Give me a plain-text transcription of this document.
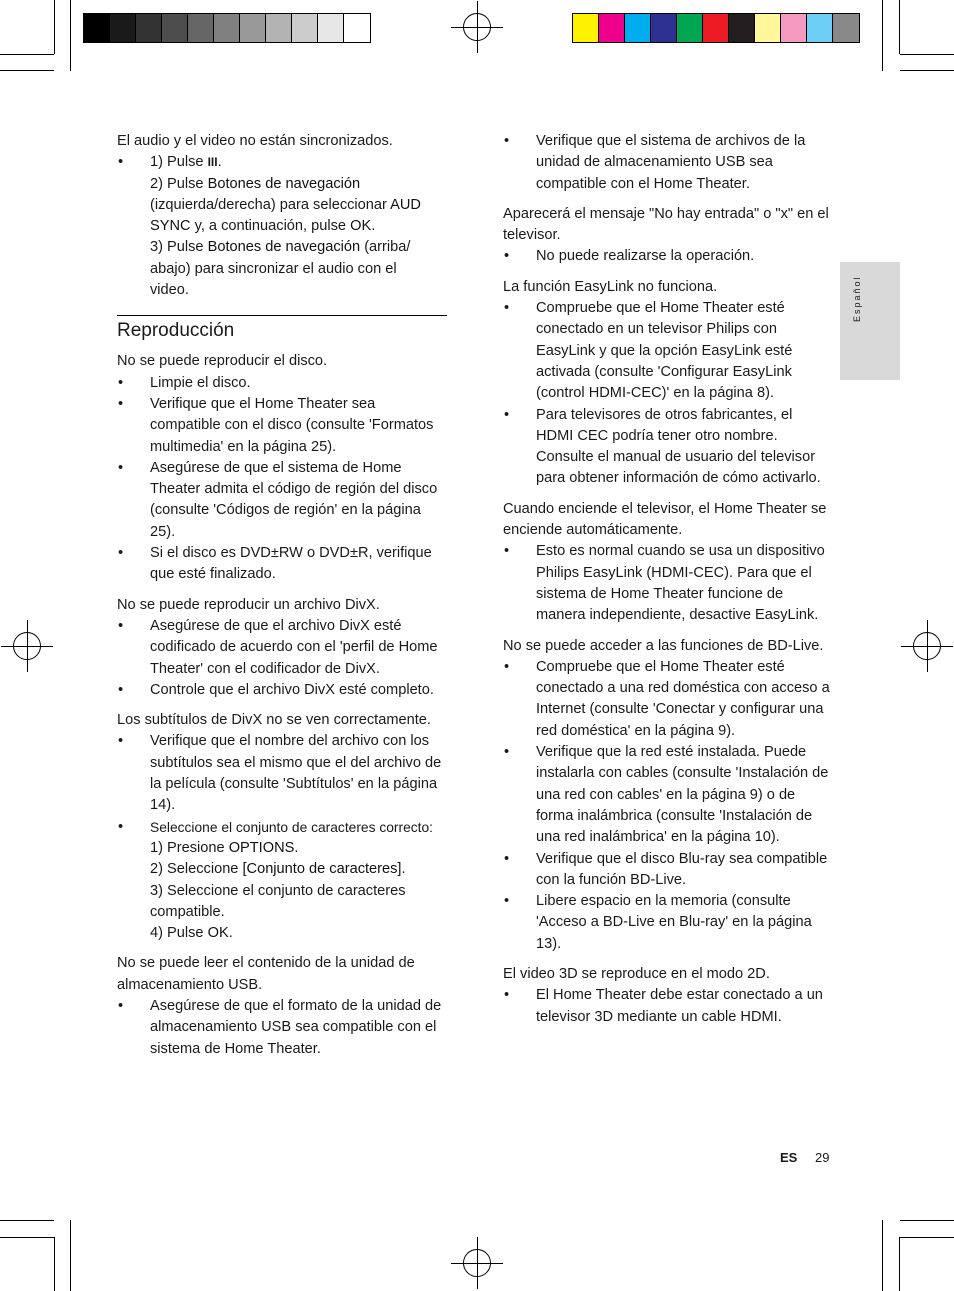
Español
El audio y el video no están sincronizados.
• 1) Pulse III.
2) Pulse Botones de navegación
(izquierda/derecha) para seleccionar AUD
SYNC y, a continuación, pulse OK.
3) Pulse Botones de navegación (arriba/
abajo) para sincronizar el audio con el
video.
Reproducción
No se puede reproducir el disco.
• Limpie el disco.
• Verifique que el Home Theater sea compatible con el disco (consulte 'Formatos multimedia' en la página 25).
• Asegúrese de que el sistema de Home Theater admita el código de región del disco (consulte 'Códigos de región' en la página 25).
• Si el disco es DVD±RW o DVD±R, verifique que esté finalizado.
No se puede reproducir un archivo DivX.
• Asegúrese de que el archivo DivX esté codificado de acuerdo con el 'perfil de Home Theater' con el codificador de DivX.
• Controle que el archivo DivX esté completo.
Los subtítulos de DivX no se ven correctamente.
• Verifique que el nombre del archivo con los subtítulos sea el mismo que el del archivo de la película (consulte 'Subtítulos' en la página 14).
• Seleccione el conjunto de caracteres correcto:
1) Presione OPTIONS.
2) Seleccione [Conjunto de caracteres].
3) Seleccione el conjunto de caracteres compatible.
4) Pulse OK.
No se puede leer el contenido de la unidad de almacenamiento USB.
• Asegúrese de que el formato de la unidad de almacenamiento USB sea compatible con el sistema de Home Theater.
• Verifique que el sistema de archivos de la unidad de almacenamiento USB sea compatible con el Home Theater.
Aparecerá el mensaje "No hay entrada" o "x" en el televisor.
• No puede realizarse la operación.
La función EasyLink no funciona.
• Compruebe que el Home Theater esté conectado en un televisor Philips con EasyLink y que la opción EasyLink esté activada (consulte 'Configurar EasyLink (control HDMI-CEC)' en la página 8).
• Para televisores de otros fabricantes, el HDMI CEC podría tener otro nombre. Consulte el manual de usuario del televisor para obtener información de cómo activarlo.
Cuando enciende el televisor, el Home Theater se enciende automáticamente.
• Esto es normal cuando se usa un dispositivo Philips EasyLink (HDMI-CEC). Para que el sistema de Home Theater funcione de manera independiente, desactive EasyLink.
No se puede acceder a las funciones de BD-Live.
• Compruebe que el Home Theater esté conectado a una red doméstica con acceso a Internet (consulte 'Conectar y configurar una red doméstica' en la página 9).
• Verifique que la red esté instalada. Puede instalarla con cables (consulte 'Instalación de una red con cables' en la página 9) o de forma inalámbrica (consulte 'Instalación de una red inalámbrica' en la página 10).
• Verifique que el disco Blu-ray sea compatible con la función BD-Live.
• Libere espacio en la memoria (consulte 'Acceso a BD-Live en Blu-ray' en la página 13).
El video 3D se reproduce en el modo 2D.
• El Home Theater debe estar conectado a un televisor 3D mediante un cable HDMI.
ES 29
